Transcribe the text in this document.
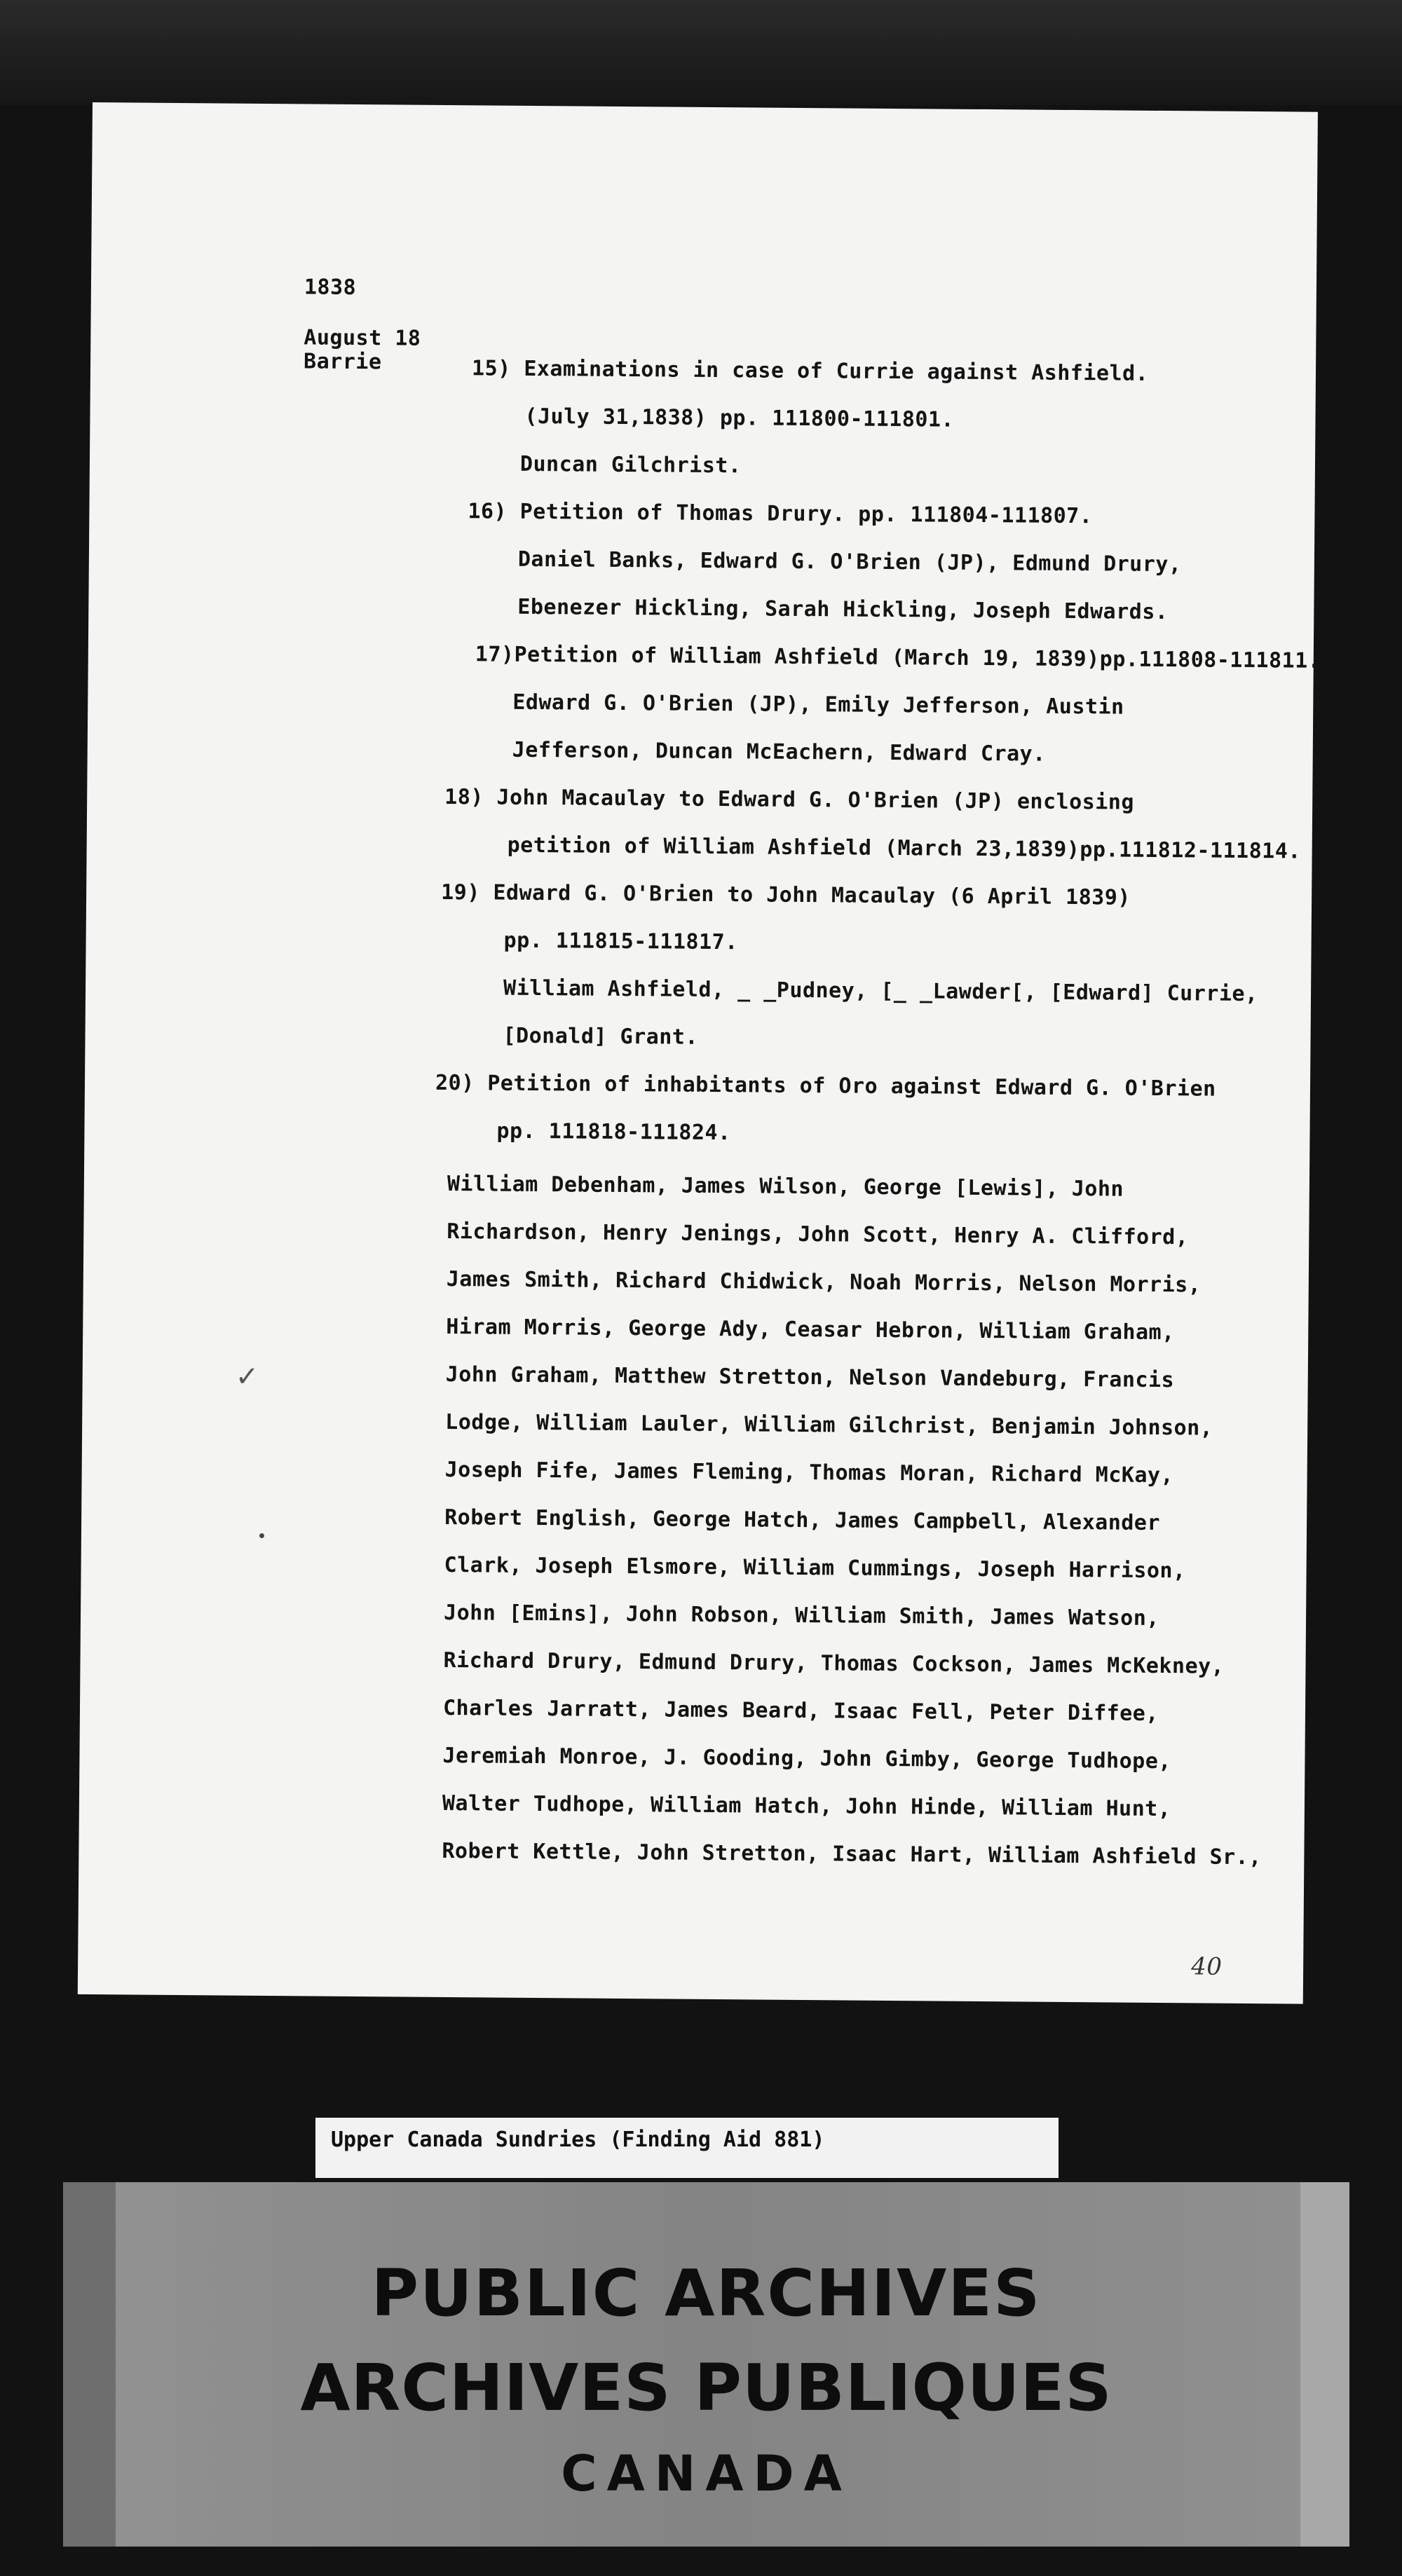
1838
August 18
Barrie	15) Examinations in case of Currie against Ashfield.
(July 31,1838) pp. 111800-111801.
Duncan Gilchrist.
16) Petition of Thomas Drury. pp. 111804-111807.
Daniel Banks, Edward G. O'Brien (JP), Edmund Drury,
Ebenezer Hickling, Sarah Hickling, Joseph Edwards.
17)Petition of William Ashfield (March 19, 1839)pp.111808-111811.
Edward G. O'Brien (JP), Emily Jefferson, Austin
Jefferson, Duncan McEachern, Edward Cray.
18) John Macaulay to Edward G. O'Brien (JP) enclosing
petition of William Ashfield (March 23,1839)pp.111812-111814.
19) Edward G. O'Brien to John Macaulay (6 April 1839)
pp. 111815-111817.
William Ashfield, _ _Pudney, [_ _Lawder[, [Edward] Currie,
[Donald] Grant.
20) Petition of inhabitants of Oro against Edward G. O'Brien
pp. 111818-111824.
William Debenham, James Wilson, George [Lewis], John
Richardson, Henry Jenings, John Scott, Henry A. Clifford,
James Smith, Richard Chidwick, Noah Morris, Nelson Morris,
Hiram Morris, George Ady, Ceasar Hebron, William Graham,
John Graham, Matthew Stretton, Nelson Vandeburg, Francis
Lodge, William Lauler, William Gilchrist, Benjamin Johnson,
Joseph Fife, James Fleming, Thomas Moran, Richard McKay,
Robert English, George Hatch, James Campbell, Alexander
Clark, Joseph Elsmore, William Cummings, Joseph Harrison,
John [Emins], John Robson, William Smith, James Watson,
Richard Drury, Edmund Drury, Thomas Cockson, James McKekney,
Charles Jarratt, James Beard, Isaac Fell, Peter Diffee,
Jeremiah Monroe, J. Gooding, John Gimby, George Tudhope,
Walter Tudhope, William Hatch, John Hinde, William Hunt,
Robert Kettle, John Stretton, Isaac Hart, William Ashfield Sr.,
✓
40
Upper Canada Sundries (Finding Aid 881)
PUBLIC ARCHIVES
ARCHIVES PUBLIQUES
CANADA
